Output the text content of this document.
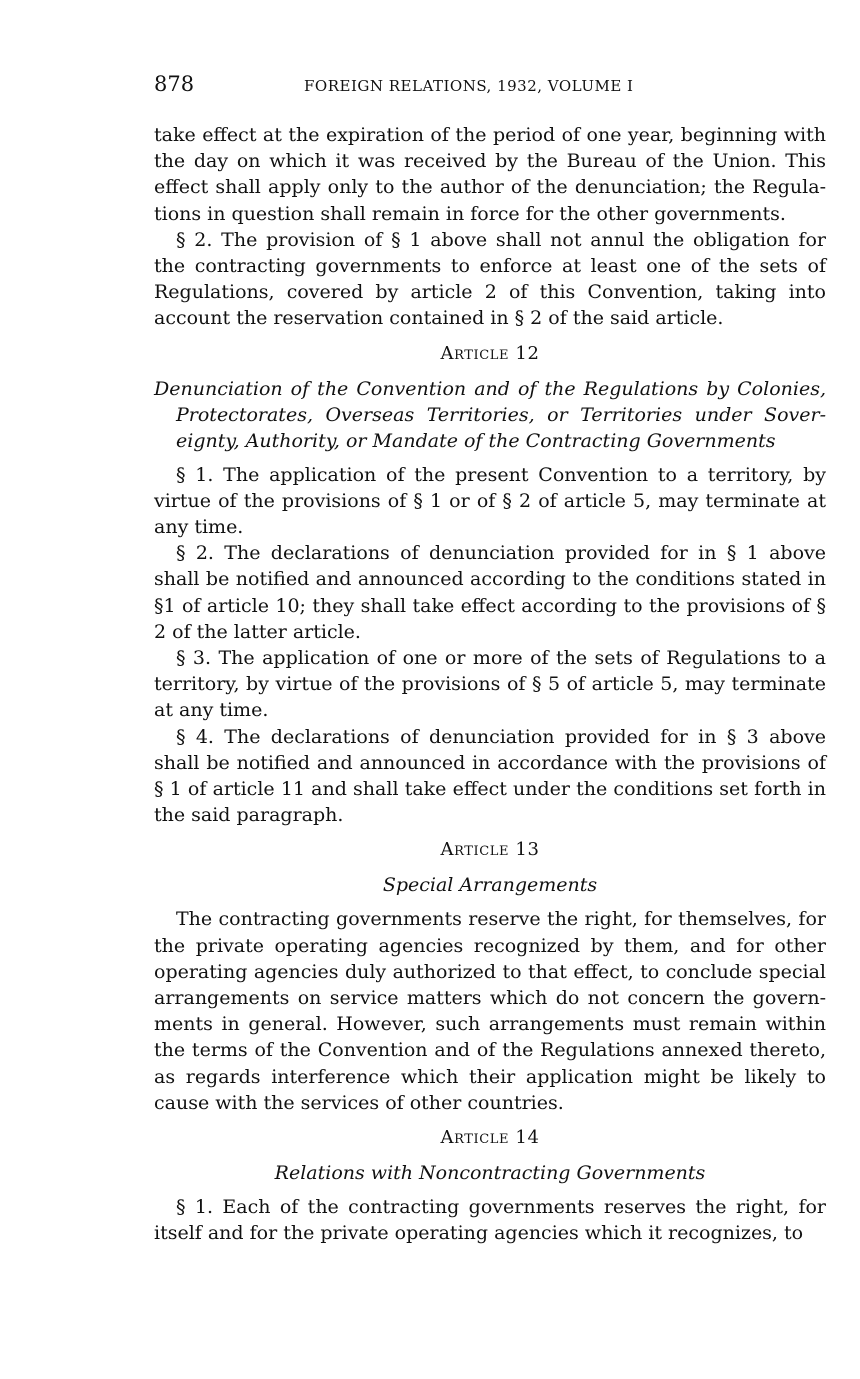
878	FOREIGN RELATIONS, 1932, VOLUME I

take effect at the expiration of the period of one year, beginning with the day on which it was received by the Bureau of the Union. This effect shall apply only to the author of the denunciation; the Regulations in question shall remain in force for the other governments.

§ 2. The provision of § 1 above shall not annul the obligation for the contracting governments to enforce at least one of the sets of Regulations, covered by article 2 of this Convention, taking into account the reservation contained in § 2 of the said article.

Article 12
Denunciation of the Convention and of the Regulations by Colonies, Protectorates, Overseas Territories, or Territories under Sovereignty, Authority, or Mandate of the Contracting Governments

§ 1. The application of the present Convention to a territory, by virtue of the provisions of § 1 or of § 2 of article 5, may terminate at any time.

§ 2. The declarations of denunciation provided for in § 1 above shall be notified and announced according to the conditions stated in §1 of article 10; they shall take effect according to the provisions of § 2 of the latter article.

§ 3. The application of one or more of the sets of Regulations to a territory, by virtue of the provisions of § 5 of article 5, may terminate at any time.

§ 4. The declarations of denunciation provided for in § 3 above shall be notified and announced in accordance with the provisions of § 1 of article 11 and shall take effect under the conditions set forth in the said paragraph.

Article 13
Special Arrangements

The contracting governments reserve the right, for themselves, for the private operating agencies recognized by them, and for other operating agencies duly authorized to that effect, to conclude special arrangements on service matters which do not concern the governments in general. However, such arrangements must remain within the terms of the Convention and of the Regulations annexed thereto, as regards interference which their application might be likely to cause with the services of other countries.

Article 14
Relations with Noncontracting Governments

§ 1. Each of the contracting governments reserves the right, for itself and for the private operating agencies which it recognizes, to
